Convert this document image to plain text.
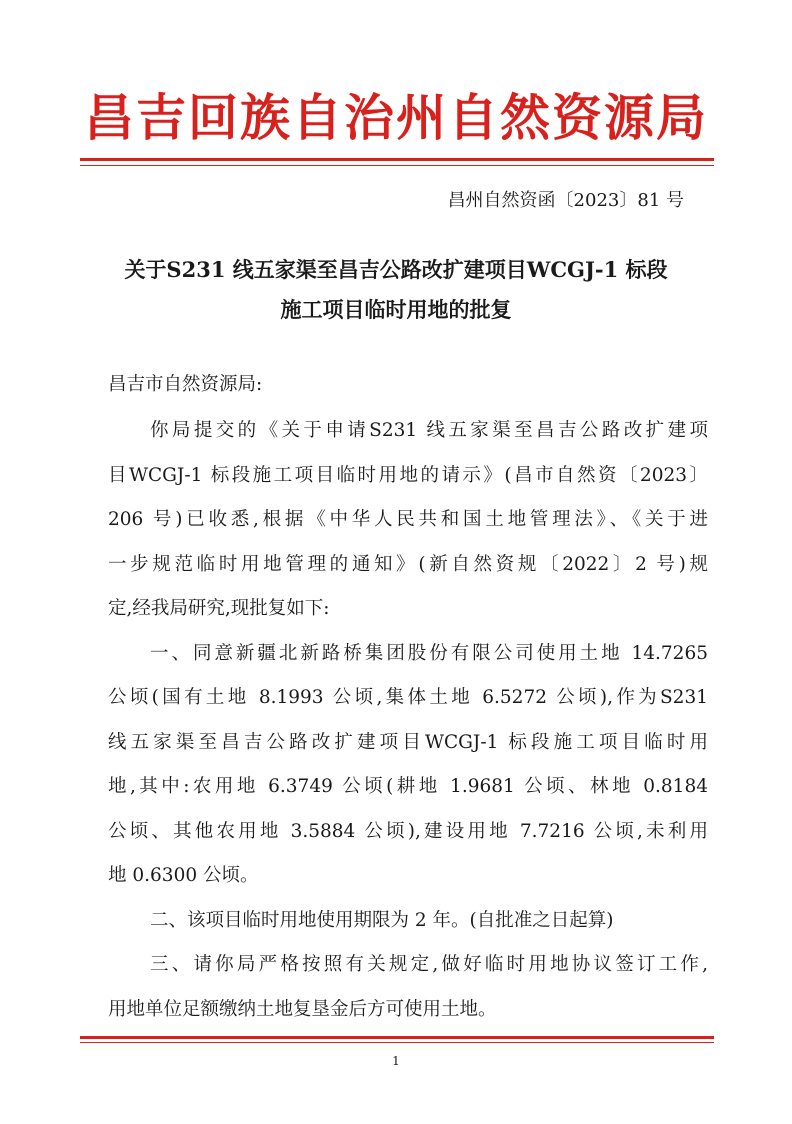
昌吉回族自治州自然资源局
昌州自然资函〔2023〕81 号
关于S231 线五家渠至昌吉公路改扩建项目WCGJ-1 标段
施工项目临时用地的批复
昌吉市自然资源局:
你局提交的《关于申请S231 线五家渠至昌吉公路改扩建项
目WCGJ-1 标段施工项目临时用地的请示》(昌市自然资〔2023〕
206 号)已收悉,根据《中华人民共和国土地管理法》、《关于进
一步规范临时用地管理的通知》(新自然资规〔2022〕2 号)规
定,经我局研究,现批复如下:
一、同意新疆北新路桥集团股份有限公司使用土地 14.7265
公顷(国有土地 8.1993 公顷,集体土地 6.5272 公顷),作为S231
线五家渠至昌吉公路改扩建项目WCGJ-1 标段施工项目临时用
地,其中:农用地 6.3749 公顷(耕地 1.9681 公顷、林地 0.8184
公顷、其他农用地 3.5884 公顷),建设用地 7.7216 公顷,未利用
地 0.6300 公顷。
二、该项目临时用地使用期限为 2 年。(自批准之日起算)
三、请你局严格按照有关规定,做好临时用地协议签订工作,
1
用地单位足额缴纳土地复垦金后方可使用土地。
